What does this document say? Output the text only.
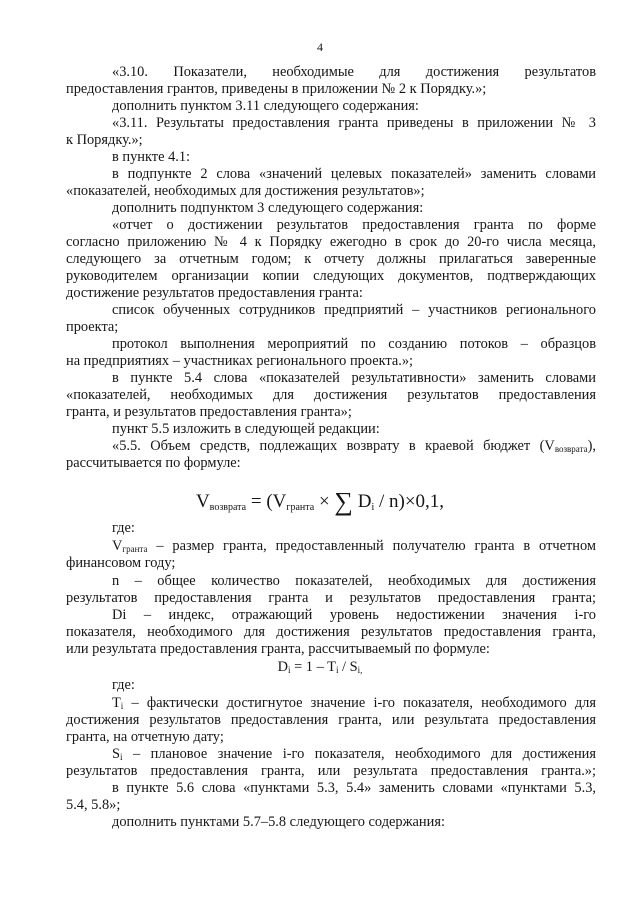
4
«3.10. Показатели, необходимые для достижения результатов
предоставления грантов, приведены в приложении № 2 к Порядку.»;
дополнить пунктом 3.11 следующего содержания:
«3.11. Результаты предоставления гранта приведены в приложении № 3
к Порядку.»;
в пункте 4.1:
в подпункте 2 слова «значений целевых показателей» заменить словами
«показателей, необходимых для достижения результатов»;
дополнить подпунктом 3 следующего содержания:
«отчет о достижении результатов предоставления гранта по форме
согласно приложению № 4 к Порядку ежегодно в срок до 20-го числа месяца,
следующего за отчетным годом; к отчету должны прилагаться заверенные
руководителем организации копии следующих документов, подтверждающих
достижение результатов предоставления гранта:
список обученных сотрудников предприятий – участников регионального
проекта;
протокол выполнения мероприятий по созданию потоков – образцов
на предприятиях – участниках регионального проекта.»;
в пункте 5.4 слова «показателей результативности» заменить словами
«показателей, необходимых для достижения результатов предоставления
гранта, и результатов предоставления гранта»;
пункт 5.5 изложить в следующей редакции:
«5.5. Объем средств, подлежащих возврату в краевой бюджет $(V_{возврата})$,
рассчитывается по формуле:
$V_{возврата} = (V_{гранта}$ × ∑ $D_i / n)\times 0,1$,
где:
$V_{гранта}$ – размер гранта, предоставленный получателю гранта в отчетном
финансовом году;
n – общее количество показателей, необходимых для достижения
результатов предоставления гранта и результатов предоставления гранта;
Di – индекс, отражающий уровень недостижении значения i-го
показателя, необходимого для достижения результатов предоставления гранта,
или результата предоставления гранта, рассчитываемый по формуле:
$D_i = 1 - T_i / S_{i,}$
где:
$T_i$ – фактически достигнутое значение i-го показателя, необходимого для
достижения результатов предоставления гранта, или результата предоставления
гранта, на отчетную дату;
$S_i$ – плановое значение i-го показателя, необходимого для достижения
результатов предоставления гранта, или результата предоставления гранта.»;
в пункте 5.6 слова «пунктами 5.3, 5.4» заменить словами «пунктами 5.3,
5.4, 5.8»;
дополнить пунктами 5.7–5.8 следующего содержания:
